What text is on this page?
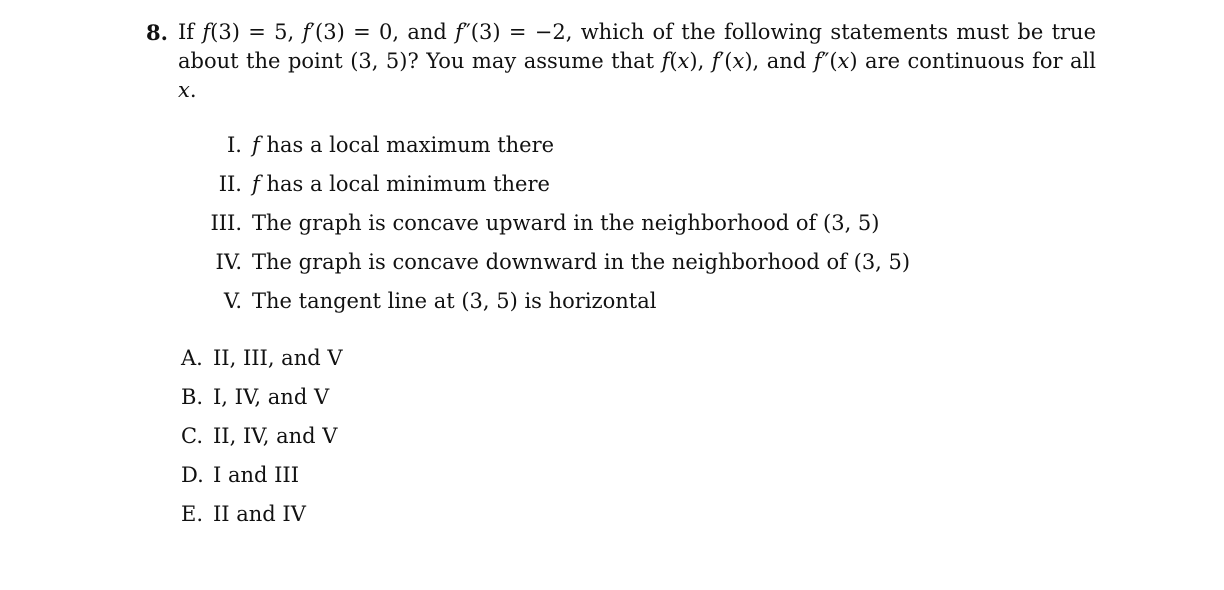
8. If f(3) = 5, f′(3) = 0, and f″(3) = −2, which of the following statements must be true about the point (3, 5)? You may assume that f(x), f′(x), and f″(x) are continuous for all x.
I. f has a local maximum there
II. f has a local minimum there
III. The graph is concave upward in the neighborhood of (3, 5)
IV. The graph is concave downward in the neighborhood of (3, 5)
V. The tangent line at (3, 5) is horizontal
A. II, III, and V
B. I, IV, and V
C. II, IV, and V
D. I and III
E. II and IV
